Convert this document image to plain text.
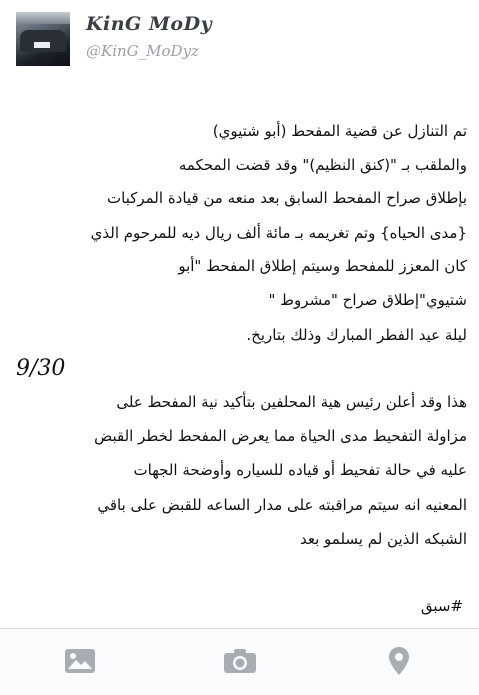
KinG MoDy
@KinG_MoDyz
تم التنازل عن قضية المفحط (أبو شتيوي)
والملقب بـ "(كنق النظيم)" وقد قضت المحكمه
بإطلاق صراح المفحط السابق بعد منعه من قيادة المركبات
{مدى الحياه} وتم تغريمه بـ مائة ألف ريال ديه للمرحوم الذي
كان المعزز للمفحط وسيتم إطلاق المفحط "أبو
شتيوي"إطلاق صراح "مشروط "
ليلة عيد الفطر المبارك وذلك بتاريخ.
هذا وقد أعلن رئيس هية المحلفين بتأكيد نية المفحط على
مزاولة التفحيط مدى الحياة مما يعرض المفحط لخطر القبض
عليه في حالة تفحيط أو قياده للسياره وأوضحة الجهات
المعنيه انه سيتم مراقبته على مدار الساعه للقبض على باقي
الشبكه الذين لم يسلمو بعد
#سبق
9/30
